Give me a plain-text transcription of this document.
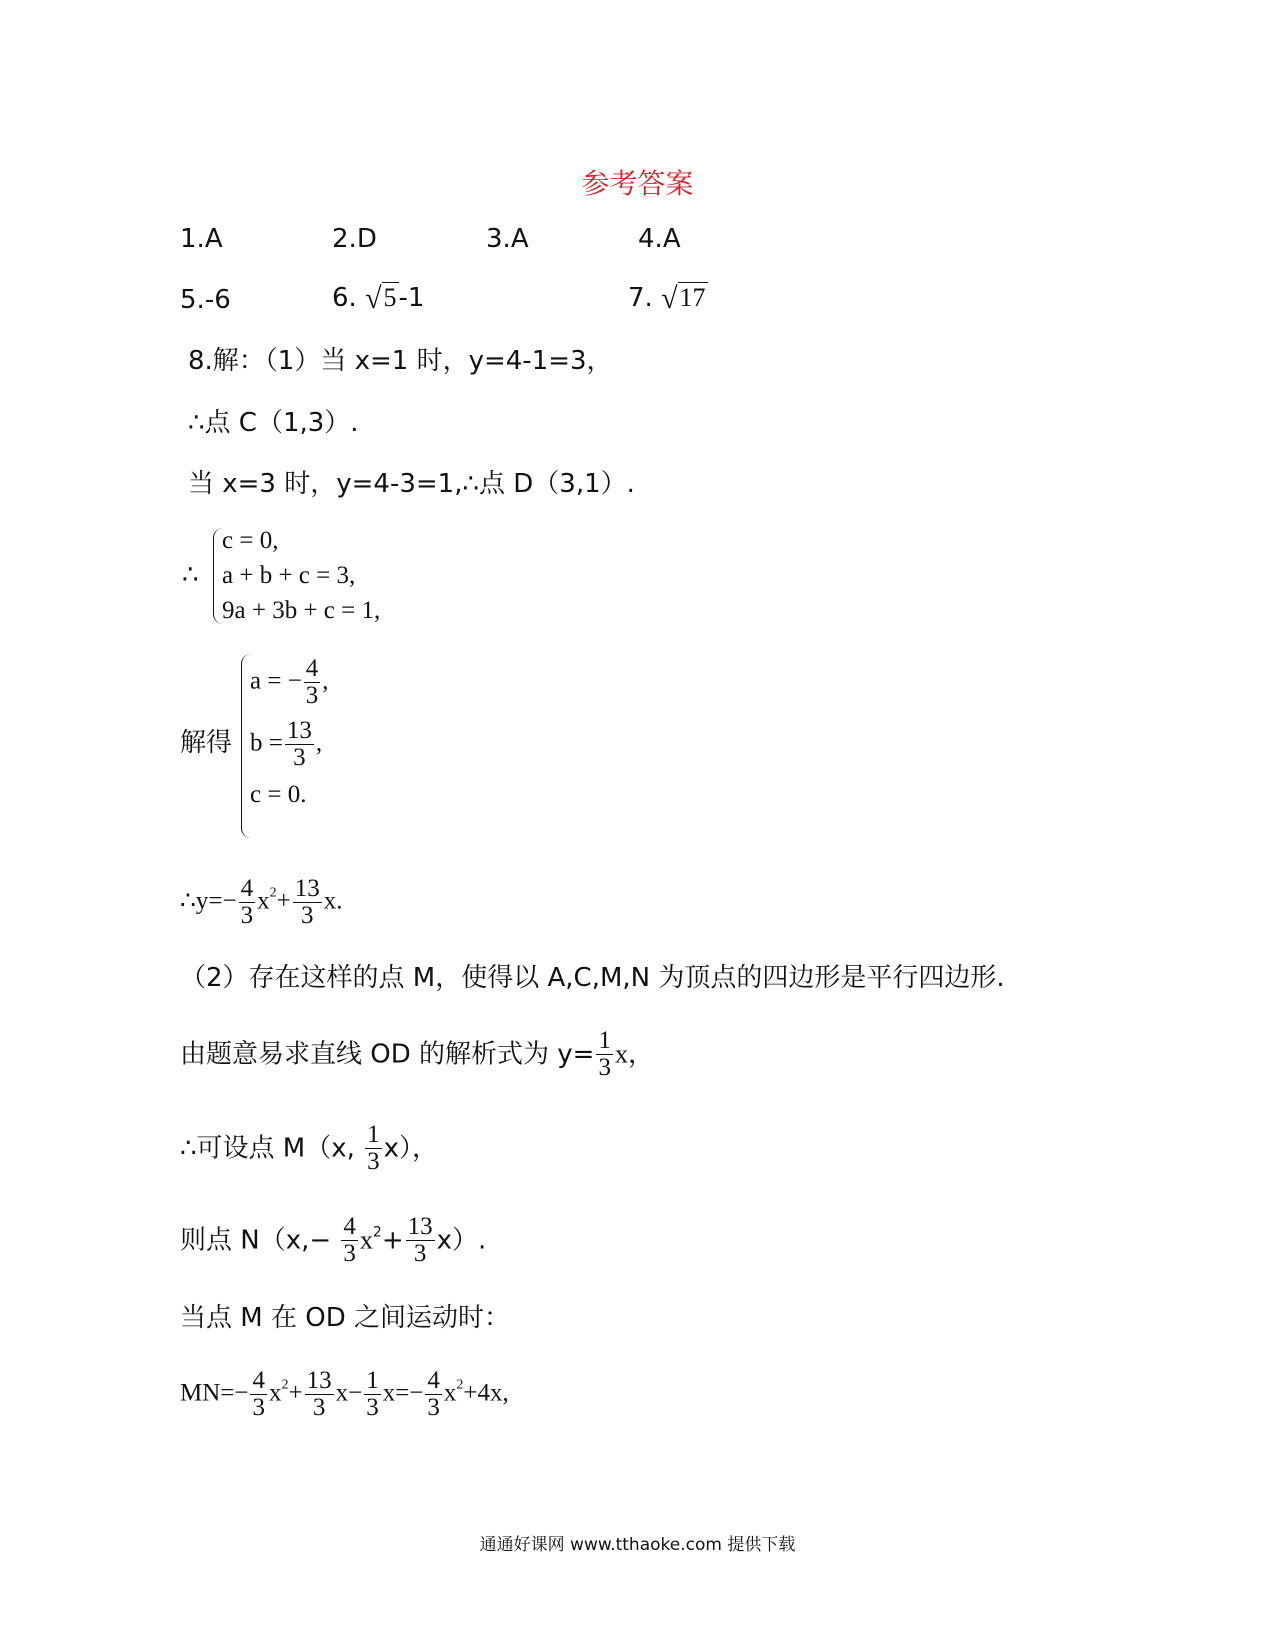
参考答案
1.A	2.D	3.A	4.A
5.-6	6. √5-1	7. √17
8.解：（1）当 x=1 时，y=4-1=3，
∴点 C（1,3）.
当 x=3 时，y=4-3=1,∴点 D（3,1）.
∴
c = 0,
a + b + c = 3,
9a + 3b + c = 1,
解得
a = − $\frac{4}{3}$ ,
$b = \frac{13}{3}$ ,
c = 0.
∴y=− $\frac{4}{3} x^2+ \frac{13}{3} x$.
（2）存在这样的点 M，使得以 A,C,M,N 为顶点的四边形是平行四边形.
由题意易求直线 OD 的解析式为 $y= \frac{1}{3}$ x，
∴可设点 M（x, $\frac{1}{3} x$），
则点 $N(x,- \frac{4}{3} x^2+ \frac{13}{3} x)$.
当点 M 在 OD 之间运动时：
$MN=- \frac{4}{3} x^2+ \frac{13}{3} x- \frac{1}{3} x=- \frac{4}{3} x^2+4x$,
通通好课网 www.tthaoke.com 提供下载
